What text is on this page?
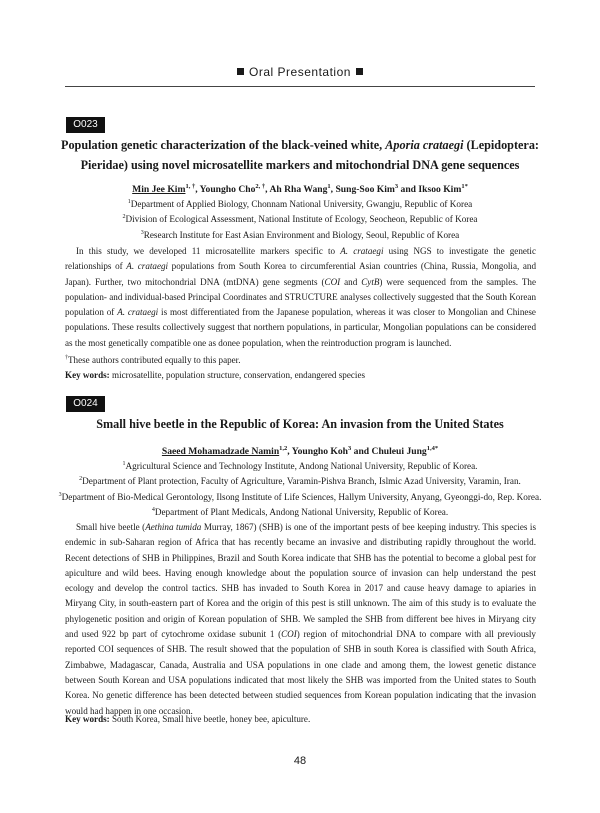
Oral Presentation
O023
Population genetic characterization of the black-veined white, Aporia crataegi (Lepidoptera:
Pieridae) using novel microsatellite markers and mitochondrial DNA gene sequences
Min Jee Kim$^{1, \dagger}$, Youngho Cho$^{2, \dagger}$, Ah Rha Wang$^1$, Sung-Soo Kim$^3$ and Iksoo Kim$^{1*}$
$^1$Department of Applied Biology, Chonnam National University, Gwangju, Republic of Korea
$^2$Division of Ecological Assessment, National Institute of Ecology, Seocheon, Republic of Korea
$^3$Research Institute for East Asian Environment and Biology, Seoul, Republic of Korea
In this study, we developed 11 microsatellite markers specific to A. crataegi using NGS to investigate the genetic relationships of A. crataegi populations from South Korea to circumferential Asian countries (China, Russia, Mongolia, and Japan). Further, two mitochondrial DNA (mtDNA) gene segments (COI and CytB) were sequenced from the samples. The population- and individual-based Principal Coordinates and STRUCTURE analyses collectively suggested that the South Korean population of A. crataegi is most differentiated from the Japanese population, whereas it was closer to Mongolian and Chinese populations. These results collectively suggest that northern populations, in particular, Mongolian populations can be considered as the most genetically compatible one as donee population, when the reintroduction program is launched.
†These authors contributed equally to this paper.
Key words: microsatellite, population structure, conservation, endangered species
O024
Small hive beetle in the Republic of Korea: An invasion from the United States
Saeed Mohamadzade Namin$^{1,2}$, Youngho Koh$^3$ and Chuleui Jung$^{1,4*}$
$^1$Agricultural Science and Technology Institute, Andong National University, Republic of Korea.
$^2$Department of Plant protection, Faculty of Agriculture, Varamin-Pishva Branch, Islmic Azad University, Varamin, Iran.
$^3$Department of Bio-Medical Gerontology, Ilsong Institute of Life Sciences, Hallym University, Anyang, Gyeonggi-do, Rep. Korea.
$^4$Department of Plant Medicals, Andong National University, Republic of Korea.
Small hive beetle (Aethina tumida Murray, 1867) (SHB) is one of the important pests of bee keeping industry. This species is endemic in sub-Saharan region of Africa that has recently became an invasive and distributing rapidly throughout the world. Recent detections of SHB in Philippines, Brazil and South Korea indicate that SHB has the potential to become a global pest for apiculture and wild bees. Having enough knowledge about the population source of invasion can help understand the pest ecology and develop the control tactics. SHB has invaded to South Korea in 2017 and cause heavy damage to apiaries in Miryang City, in south-eastern part of Korea and the origin of this pest is still unknown. The aim of this study is to evaluate the phylogenetic position and origin of Korean population of SHB. We sampled the SHB from different bee hives in Miryang city and used 922 bp part of cytochrome oxidase subunit 1 (COI) region of mitochondrial DNA to compare with all previously reported COI sequences of SHB. The result showed that the population of SHB in south Korea is classified with South Africa, Zimbabwe, Madagascar, Canada, Australia and USA populations in one clade and among them, the lowest genetic distance between South Korean and USA populations indicated that most likely the SHB was imported from the United states to South Korea. No genetic difference has been detected between studied sequences from Korean population indicating that the invasion would had happen in one occasion.
Key words: South Korea, Small hive beetle, honey bee, apiculture.
48
